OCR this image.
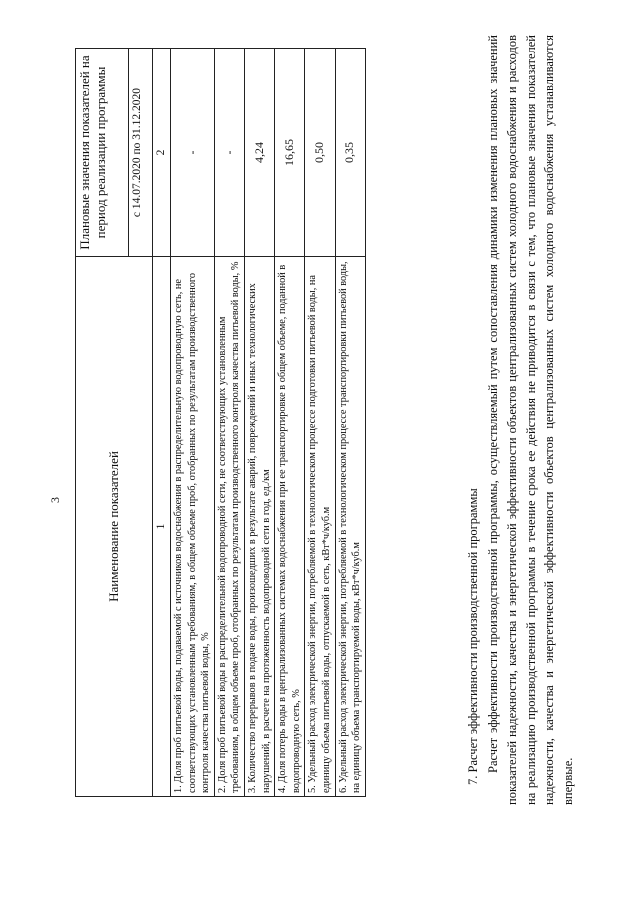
3	Наименование показателей	Плановые значения показателей на период реализации программы
	с 14.07.2020 по 31.12.2020
1	2
1. Доля проб питьевой воды, подаваемой с источников водоснабжения в распределительную водопроводную сеть, не соответствующих установленным требованиям, в общем объеме проб, отобранных по результатам производственного контроля качества питьевой воды, %	-
2. Доля проб питьевой воды в распределительной водопроводной сети, не соответствующих установленным требованиям, в общем объеме проб, отобранных по результатам производственного контроля качества питьевой воды, %	-
3. Количество перерывов в подаче воды, произошедших в результате аварий, повреждений и иных технологических нарушений, в расчете на протяженность водопроводной сети в год, ед./км	4,24
4. Доля потерь воды в централизованных системах водоснабжения при ее транспортировке в общем объеме, поданной в водопроводную сеть, %	16,65
5. Удельный расход электрической энергии, потребляемой в технологическом процессе подготовки питьевой воды, на единицу объема питьевой воды, отпускаемой в сеть, кВт*ч/куб.м	0,50
6. Удельный расход электрической энергии, потребляемой в технологическом процессе транспортировки питьевой воды, на единицу объема транспортируемой воды, кВт*ч/куб.м	0,35
7. Расчет эффективности производственной программы Расчет эффективности производственной программы, осуществляемый путем сопоставления динамики изменения плановых значений показателей надежности, качества и энергетической эффективности объектов централизованных систем холодного водоснабжения и расходов на реализацию производственной программы в течение срока ее действия не приводится в связи с тем, что плановые значения показателей надежности, качества и энергетической эффективности объектов централизованных систем холодного водоснабжения устанавливаются впервые.
